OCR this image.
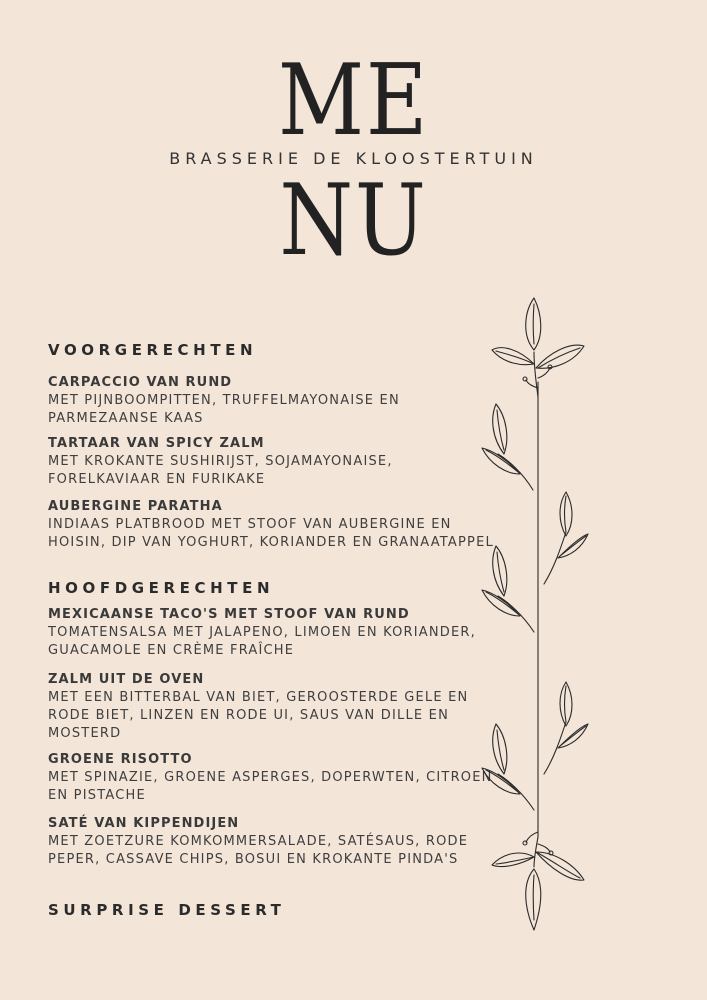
ME
BRASSERIE DE KLOOSTERTUIN
NU
VOORGERECHTEN
CARPACCIO VAN RUND
MET PIJNBOOMPITTEN, TRUFFELMAYONAISE EN PARMEZAANSE KAAS
TARTAAR VAN SPICY ZALM
MET KROKANTE SUSHIRIJST, SOJAMAYONAISE, FORELKAVIAAR EN FURIKAKE
AUBERGINE PARATHA
INDIAAS PLATBROOD MET STOOF VAN AUBERGINE EN HOISIN, DIP VAN YOGHURT, KORIANDER EN GRANAATAPPEL
HOOFDGERECHTEN
MEXICAANSE TACO'S MET STOOF VAN RUND
TOMATENSALSA MET JALAPENO, LIMOEN EN KORIANDER, GUACAMOLE EN CRÈME FRAÎCHE
ZALM UIT DE OVEN
MET EEN BITTERBAL VAN BIET, GEROOSTERDE GELE EN RODE BIET, LINZEN EN RODE UI, SAUS VAN DILLE EN MOSTERD
GROENE RISOTTO
MET SPINAZIE, GROENE ASPERGES, DOPERWTEN, CITROEN EN PISTACHE
SATÉ VAN KIPPENDIJEN
MET ZOETZURE KOMKOMMERSALADE, SATÉSAUS, RODE PEPER, CASSAVE CHIPS, BOSUI EN KROKANTE PINDA'S
SURPRISE DESSERT
